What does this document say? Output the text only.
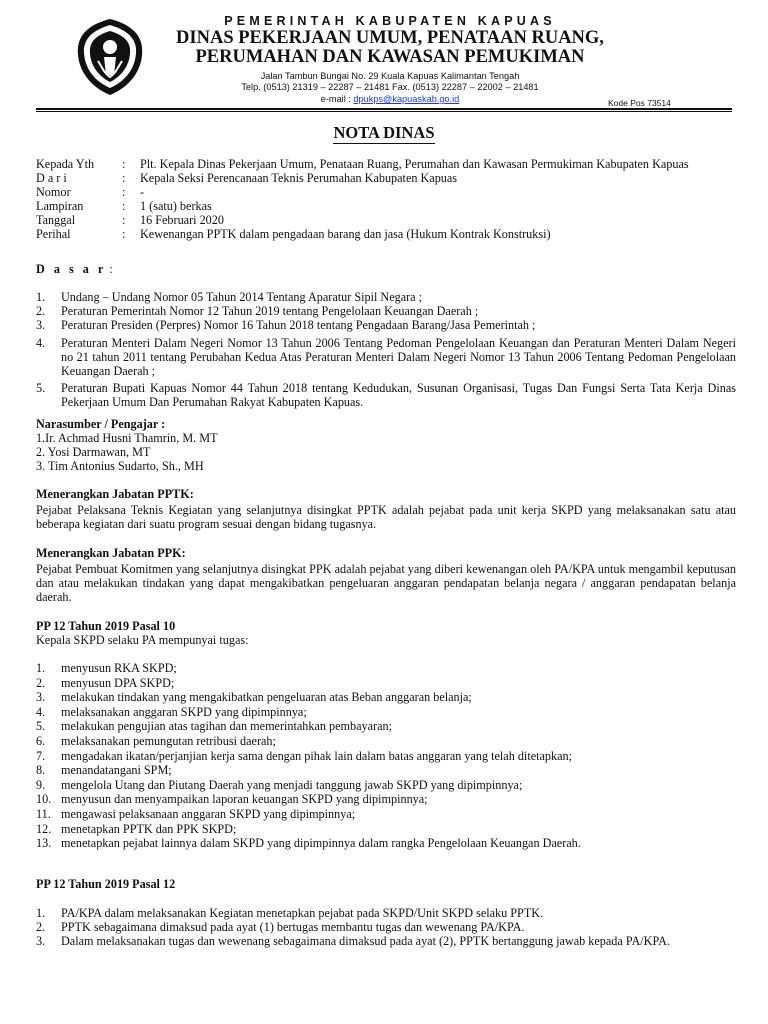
PEMERINTAH KABUPATEN KAPUAS
DINAS PEKERJAAN UMUM, PENATAAN RUANG,
PERUMAHAN DAN KAWASAN PEMUKIMAN
Jalan Tambun Bungai No. 29 Kuala Kapuas Kalimantan Tengah
Telp. (0513) 21319 – 22287 – 21481 Fax. (0513) 22287 – 22002 – 21481
e-mail : dpukps@kapuaskab.go.id	Kode Pos 73514
NOTA DINAS
Kepada Yth	:	Plt. Kepala Dinas Pekerjaan Umum, Penataan Ruang, Perumahan dan Kawasan Permukiman Kabupaten Kapuas
D a r i	:	Kepala Seksi Perencanaan Teknis Perumahan Kabupaten Kapuas
Nomor	:	-
Lampiran	:	1 (satu) berkas
Tanggal	:	16 Februari 2020
Perihal	:	Kewenangan PPTK dalam pengadaan barang dan jasa (Hukum Kontrak Konstruksi)
D a s a r :
1.	Undang – Undang Nomor 05 Tahun 2014 Tentang Aparatur Sipil Negara ;
2.	Peraturan Pemerintah Nomor 12 Tahun 2019 tentang Pengelolaan Keuangan Daerah ;
3.	Peraturan Presiden (Perpres) Nomor 16 Tahun 2018 tentang Pengadaan Barang/Jasa Pemerintah ;
4.	Peraturan Menteri Dalam Negeri Nomor 13 Tahun 2006 Tentang Pedoman Pengelolaan Keuangan dan Peraturan Menteri Dalam Negeri no 21 tahun 2011 tentang Perubahan Kedua Atas Peraturan Menteri Dalam Negeri Nomor 13 Tahun 2006 Tentang Pedoman Pengelolaan Keuangan Daerah ;
5.	Peraturan Bupati Kapuas Nomor 44 Tahun 2018 tentang Kedudukan, Susunan Organisasi, Tugas Dan Fungsi Serta Tata Kerja Dinas Pekerjaan Umum Dan Perumahan Rakyat Kabupaten Kapuas.
Narasumber / Pengajar :
1.Ir. Achmad Husni Thamrin, M. MT
2. Yosi Darmawan, MT
3. Tim Antonius Sudarto, Sh., MH
Menerangkan Jabatan PPTK:
Pejabat Pelaksana Teknis Kegiatan yang selanjutnya disingkat PPTK adalah pejabat pada unit kerja SKPD yang melaksanakan satu atau beberapa kegiatan dari suatu program sesuai dengan bidang tugasnya.
Menerangkan Jabatan PPK:
Pejabat Pembuat Komitmen yang selanjutnya disingkat PPK adalah pejabat yang diberi kewenangan oleh PA/KPA untuk mengambil keputusan dan atau melakukan tindakan yang dapat mengakibatkan pengeluaran anggaran pendapatan belanja negara / anggaran pendapatan belanja daerah.
PP 12 Tahun 2019 Pasal 10
Kepala SKPD selaku PA mempunyai tugas:
1.	menyusun RKA SKPD;
2.	menyusun DPA SKPD;
3.	melakukan tindakan yang mengakibatkan pengeluaran atas Beban anggaran belanja;
4.	melaksanakan anggaran SKPD yang dipimpinnya;
5.	melakukan pengujian atas tagihan dan memerintahkan pembayaran;
6.	melaksanakan pemungutan retribusi daerah;
7.	mengadakan ikatan/perjanjian kerja sama dengan pihak lain dalam batas anggaran yang telah ditetapkan;
8.	menandatangani SPM;
9.	mengelola Utang dan Piutang Daerah yang menjadi tanggung jawab SKPD yang dipimpinnya;
10. menyusun dan menyampaikan laporan keuangan SKPD yang dipimpinnya;
11. mengawasi pelaksanaan anggaran SKPD yang dipimpinnya;
12. menetapkan PPTK dan PPK SKPD;
13. menetapkan pejabat lainnya dalam SKPD yang dipimpinnya dalam rangka Pengelolaan Keuangan Daerah.
PP 12 Tahun 2019 Pasal 12
1.	PA/KPA dalam melaksanakan Kegiatan menetapkan pejabat pada SKPD/Unit SKPD selaku PPTK.
2.	PPTK sebagaimana dimaksud pada ayat (1) bertugas membantu tugas dan wewenang PA/KPA.
3.	Dalam melaksanakan tugas dan wewenang sebagaimana dimaksud pada ayat (2), PPTK bertanggung jawab kepada PA/KPA.
